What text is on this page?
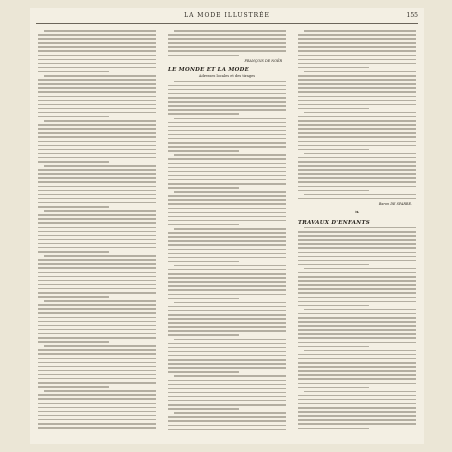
LA MODE ILLUSTRÉE	155
FRANÇOIS DE NOËR
LE MONDE ET LA MODE
Adresses locales et des tirages
Baron DE SPARRE.
❧
TRAVAUX D'ENFANTS
